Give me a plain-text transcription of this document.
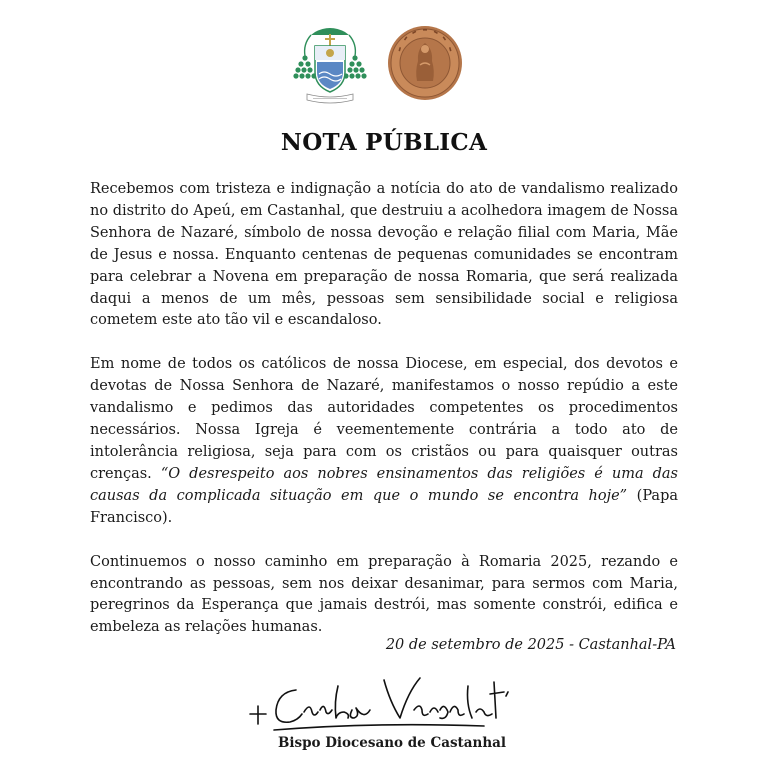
NOTA PÚBLICA

Recebemos com tristeza e indignação a notícia do ato de vandalismo realizado no distrito do Apeú, em Castanhal, que destruiu a acolhedora imagem de Nossa Senhora de Nazaré, símbolo de nossa devoção e relação filial com Maria, Mãe de Jesus e nossa. Enquanto centenas de pequenas comunidades se encontram para celebrar a Novena em preparação de nossa Romaria, que será realizada daqui a menos de um mês, pessoas sem sensibilidade social e religiosa cometem este ato tão vil e escandaloso.

Em nome de todos os católicos de nossa Diocese, em especial, dos devotos e devotas de Nossa Senhora de Nazaré, manifestamos o nosso repúdio a este vandalismo e pedimos das autoridades competentes os procedimentos necessários. Nossa Igreja é veementemente contrária a todo ato de intolerância religiosa, seja para com os cristãos ou para quaisquer outras crenças. “O desrespeito aos nobres ensinamentos das religiões é uma das causas da complicada situação em que o mundo se encontra hoje” (Papa Francisco).

Continuemos o nosso caminho em preparação à Romaria 2025, rezando e encontrando as pessoas, sem nos deixar desanimar, para sermos com Maria, peregrinos da Esperança que jamais destrói, mas somente constrói, edifica e embeleza as relações humanas.

20 de setembro de 2025 - Castanhal-PA
Bispo Diocesano de Castanhal
